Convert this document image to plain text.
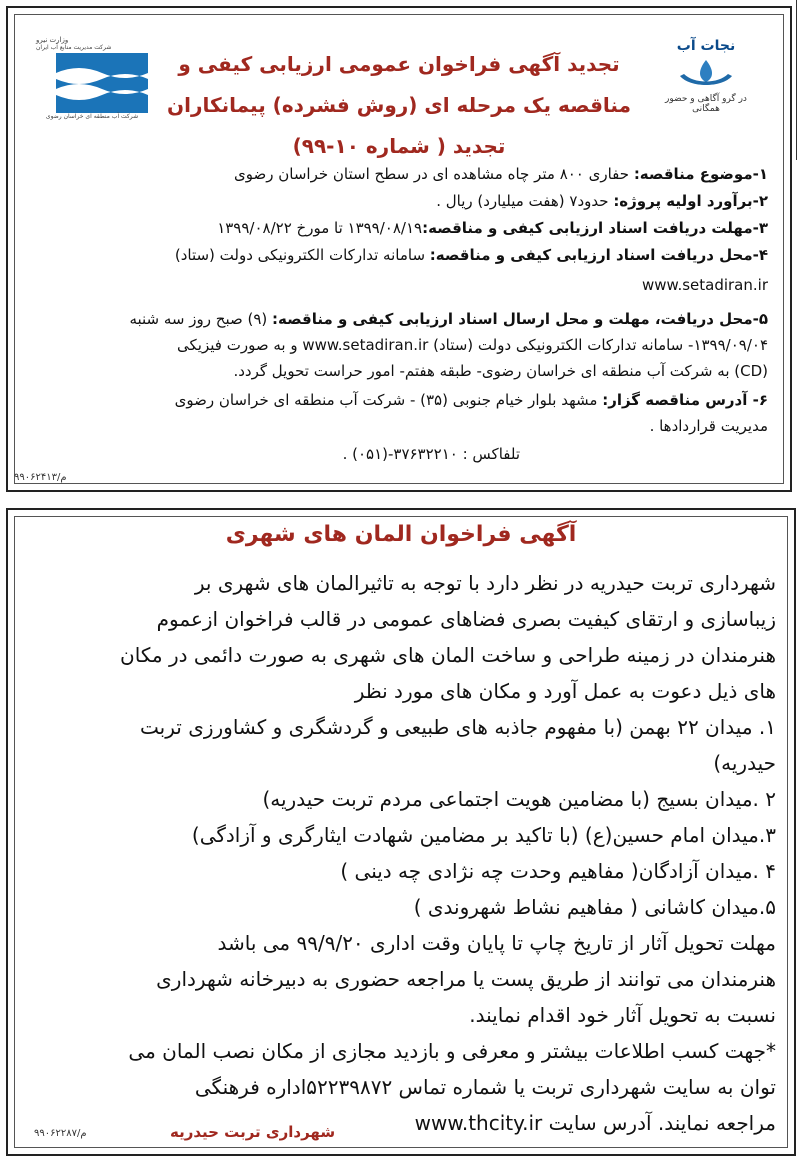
نجات آب
در گرو آگاهی و حضور همگانی
وزارت نیرو
شرکت مدیریت منابع آب ایران
شرکت آب منطقه ای خراسان رضوی
تجدید آگهی فراخوان عمومی ارزیابی کیفی و
مناقصه یک مرحله ای (روش فشرده) پیمانکاران
تجدید ( شماره ۱۰-۹۹)
۱-موضوع مناقصه: حفاری ۸۰۰ متر چاه مشاهده ای در سطح استان خراسان رضوی
۲-برآورد اولیه پروژه: حدود۷ (هفت میلیارد) ریال .
۳-مهلت دریافت اسناد ارزیابی کیفی و مناقصه:۱۳۹۹/۰۸/۱۹ تا مورخ ۱۳۹۹/۰۸/۲۲
۴-محل دریافت اسناد ارزیابی کیفی و مناقصه: سامانه تدارکات الکترونیکی دولت (ستاد)
www.setadiran.ir
۵-محل دریافت، مهلت و محل ارسال اسناد ارزیابی کیفی و مناقصه: (۹) صبح روز سه شنبه
۱۳۹۹/۰۹/۰۴- سامانه تدارکات الکترونیکی دولت (ستاد) www.setadiran.ir و به صورت فیزیکی
(CD) به شرکت آب منطقه ای خراسان رضوی- طبقه هفتم- امور حراست تحویل گردد.
۶- آدرس مناقصه گزار: مشهد بلوار خیام جنوبی (۳۵) - شرکت آب منطقه ای خراسان رضوی
مدیریت قراردادها .
تلفاکس : ۳۷۶۳۲۲۱۰-(۰۵۱) .
م/۹۹۰۶۲۴۱۳
آگهی فراخوان المان های شهری
شهرداری تربت حیدریه در نظر دارد با توجه به تاثیرالمان های شهری بر
زیباسازی و ارتقای کیفیت بصری فضاهای عمومی در قالب فراخوان ازعموم
هنرمندان در زمینه طراحی و ساخت المان های شهری به صورت دائمی در مکان
های ذیل دعوت به عمل آورد و مکان های مورد نظر
۱. میدان ۲۲ بهمن (با مفهوم جاذبه های طبیعی و گردشگری و کشاورزی تربت
حیدریه)
۲ .میدان بسیج (با مضامین هویت اجتماعی مردم تربت حیدریه)
۳.میدان امام حسین(ع) (با تاکید بر مضامین شهادت ایثارگری و آزادگی)
۴ .میدان آزادگان( مفاهیم وحدت چه نژادی چه دینی )
۵.میدان کاشانی ( مفاهیم نشاط شهروندی )
مهلت تحویل آثار از تاریخ چاپ تا پایان وقت اداری ۹۹/۹/۲۰ می باشد
هنرمندان می توانند از طریق پست یا مراجعه حضوری به دبیرخانه شهرداری
نسبت به تحویل آثار خود اقدام نمایند.
*جهت کسب اطلاعات بیشتر و معرفی و بازدید مجازی از مکان نصب المان می
توان به سایت شهرداری تربت یا شماره تماس ۵۲۲۳۹۸۷۲اداره فرهنگی
مراجعه نمایند. آدرس سایت www.thcity.ir
شهرداری تربت حیدریه
م/۹۹۰۶۲۲۸۷
